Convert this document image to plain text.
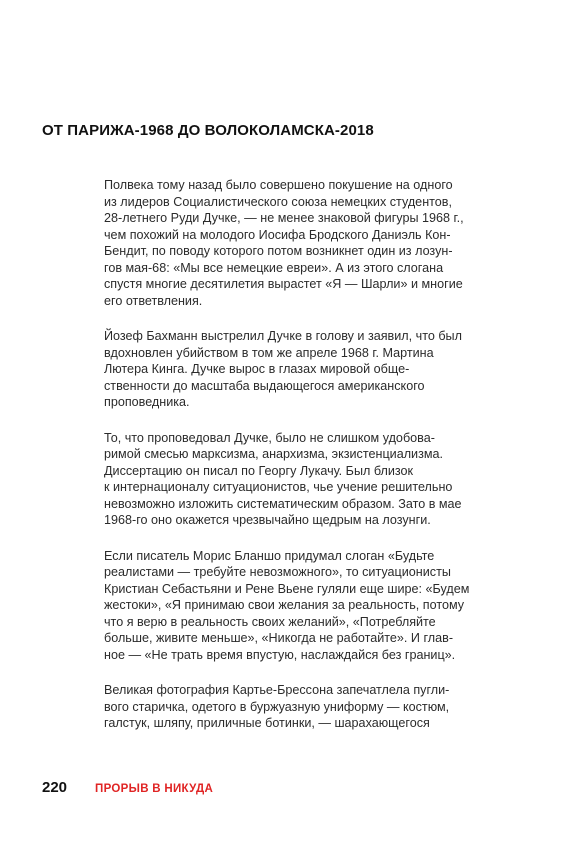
ОТ ПАРИЖА-1968 ДО ВОЛОКОЛАМСКА-2018

Полвека тому назад было совершено покушение на одного
из лидеров Социалистического союза немецких студентов,
28-летнего Руди Дучке, — не менее знаковой фигуры 1968 г.,
чем похожий на молодого Иосифа Бродского Даниэль Кон-
Бендит, по поводу которого потом возникнет один из лозун-
гов мая-68: «Мы все немецкие евреи». А из этого слогана
спустя многие десятилетия вырастет «Я — Шарли» и многие
его ответвления.

Йозеф Бахманн выстрелил Дучке в голову и заявил, что был
вдохновлен убийством в том же апреле 1968 г. Мартина
Лютера Кинга. Дучке вырос в глазах мировой обще-
ственности до масштаба выдающегося американского
проповедника.

То, что проповедовал Дучке, было не слишком удобова-
римой смесью марксизма, анархизма, экзистенциализма.
Диссертацию он писал по Георгу Лукачу. Был близок
к интернационалу ситуационистов, чье учение решительно
невозможно изложить систематическим образом. Зато в мае
1968-го оно окажется чрезвычайно щедрым на лозунги.

Если писатель Морис Бланшо придумал слоган «Будьте
реалистами — требуйте невозможного», то ситуационисты
Кристиан Себастьяни и Рене Вьене гуляли еще шире: «Будем
жестоки», «Я принимаю свои желания за реальность, потому
что я верю в реальность своих желаний», «Потребляйте
больше, живите меньше», «Никогда не работайте». И глав-
ное — «Не трать время впустую, наслаждайся без границ».

Великая фотография Картье-Брессона запечатлела пугли-
вого старичка, одетого в буржуазную униформу — костюм,
галстук, шляпу, приличные ботинки, — шарахающегося

220 ПРОРЫВ В НИКУДА
